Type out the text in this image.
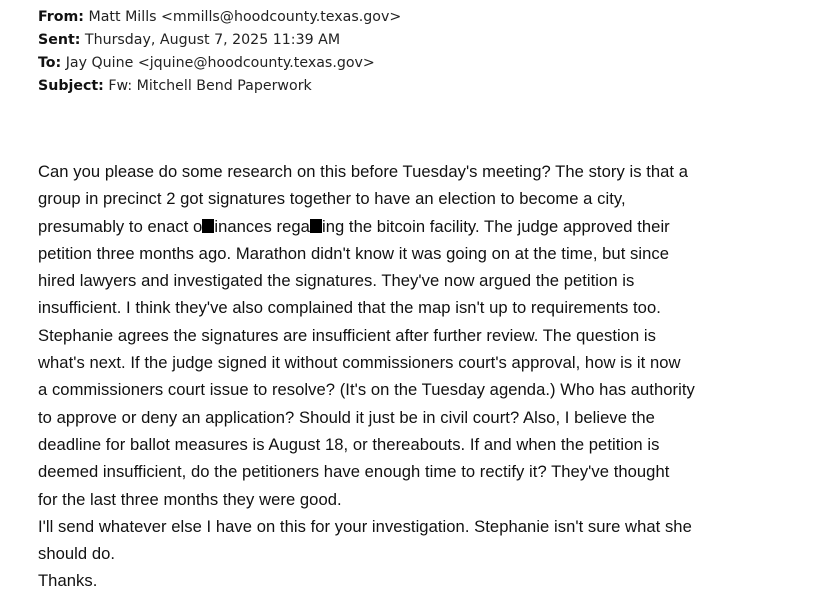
From: Matt Mills <mmills@hoodcounty.texas.gov>
Sent: Thursday, August 7, 2025 11:39 AM
To: Jay Quine <jquine@hoodcounty.texas.gov>
Subject: Fw: Mitchell Bend Paperwork
Can you please do some research on this before Tuesday's meeting? The story is that a
group in precinct 2 got signatures together to have an election to become a city,
presumably to enact o inances rega ing the bitcoin facility. The judge approved their
petition three months ago. Marathon didn't know it was going on at the time, but since
hired lawyers and investigated the signatures. They've now argued the petition is
insufficient. I think they've also complained that the map isn't up to requirements too.
Stephanie agrees the signatures are insufficient after further review. The question is
what's next. If the judge signed it without commissioners court's approval, how is it now
a commissioners court issue to resolve? (It's on the Tuesday agenda.) Who has authority
to approve or deny an application? Should it just be in civil court? Also, I believe the
deadline for ballot measures is August 18, or thereabouts. If and when the petition is
deemed insufficient, do the petitioners have enough time to rectify it? They've thought
for the last three months they were good.
I'll send whatever else I have on this for your investigation. Stephanie isn't sure what she
should do.
Thanks.
